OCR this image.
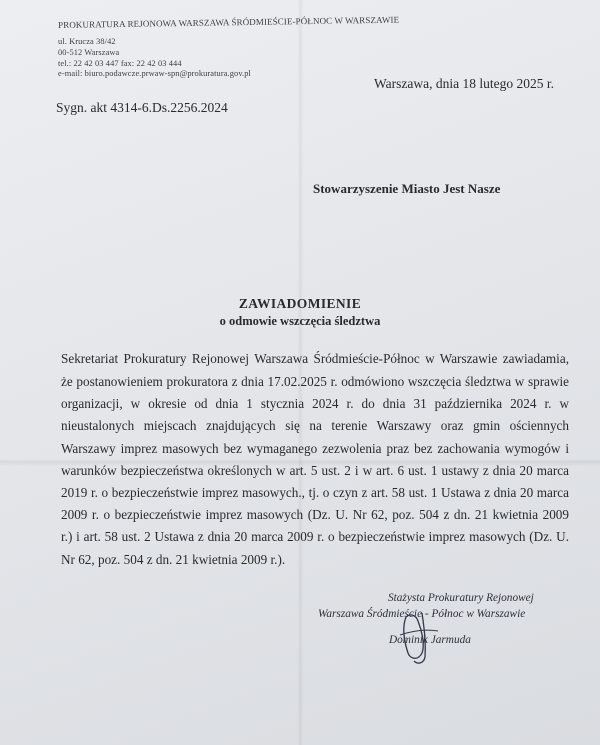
PROKURATURA REJONOWA WARSZAWA ŚRÓDMIEŚCIE-PÓŁNOC W WARSZAWIE
ul. Krucza 38/42
00-512 Warszawa
tel.: 22 42 03 447 fax: 22 42 03 444
e-mail: biuro.podawcze.prwaw-spn@prokuratura.gov.pl
Warszawa, dnia 18 lutego 2025 r.
Sygn. akt 4314-6.Ds.2256.2024
Stowarzyszenie Miasto Jest Nasze
ZAWIADOMIENIE
o odmowie wszczęcia śledztwa
Sekretariat Prokuratury Rejonowej Warszawa Śródmieście-Północ w Warszawie zawiadamia,
że postanowieniem prokuratora z dnia 17.02.2025 r. odmówiono wszczęcia śledztwa w sprawie
organizacji, w okresie od dnia 1 stycznia 2024 r. do dnia 31 października 2024 r. w
nieustalonych miejscach znajdujących się na terenie Warszawy oraz gmin ościennych
Warszawy imprez masowych bez wymaganego zezwolenia praz bez zachowania wymogów i
warunków bezpieczeństwa określonych w art. 5 ust. 2 i w art. 6 ust. 1 ustawy z dnia 20 marca
2019 r. o bezpieczeństwie imprez masowych., tj. o czyn z art. 58 ust. 1 Ustawa z dnia 20 marca
2009 r. o bezpieczeństwie imprez masowych (Dz. U. Nr 62, poz. 504 z dn. 21 kwietnia 2009
r.) i art. 58 ust. 2 Ustawa z dnia 20 marca 2009 r. o bezpieczeństwie imprez masowych (Dz. U.
Nr 62, poz. 504 z dn. 21 kwietnia 2009 r.).
Stażysta Prokuratury Rejonowej
Warszawa Śródmieście - Północ w Warszawie
Dominik Jarmuda
